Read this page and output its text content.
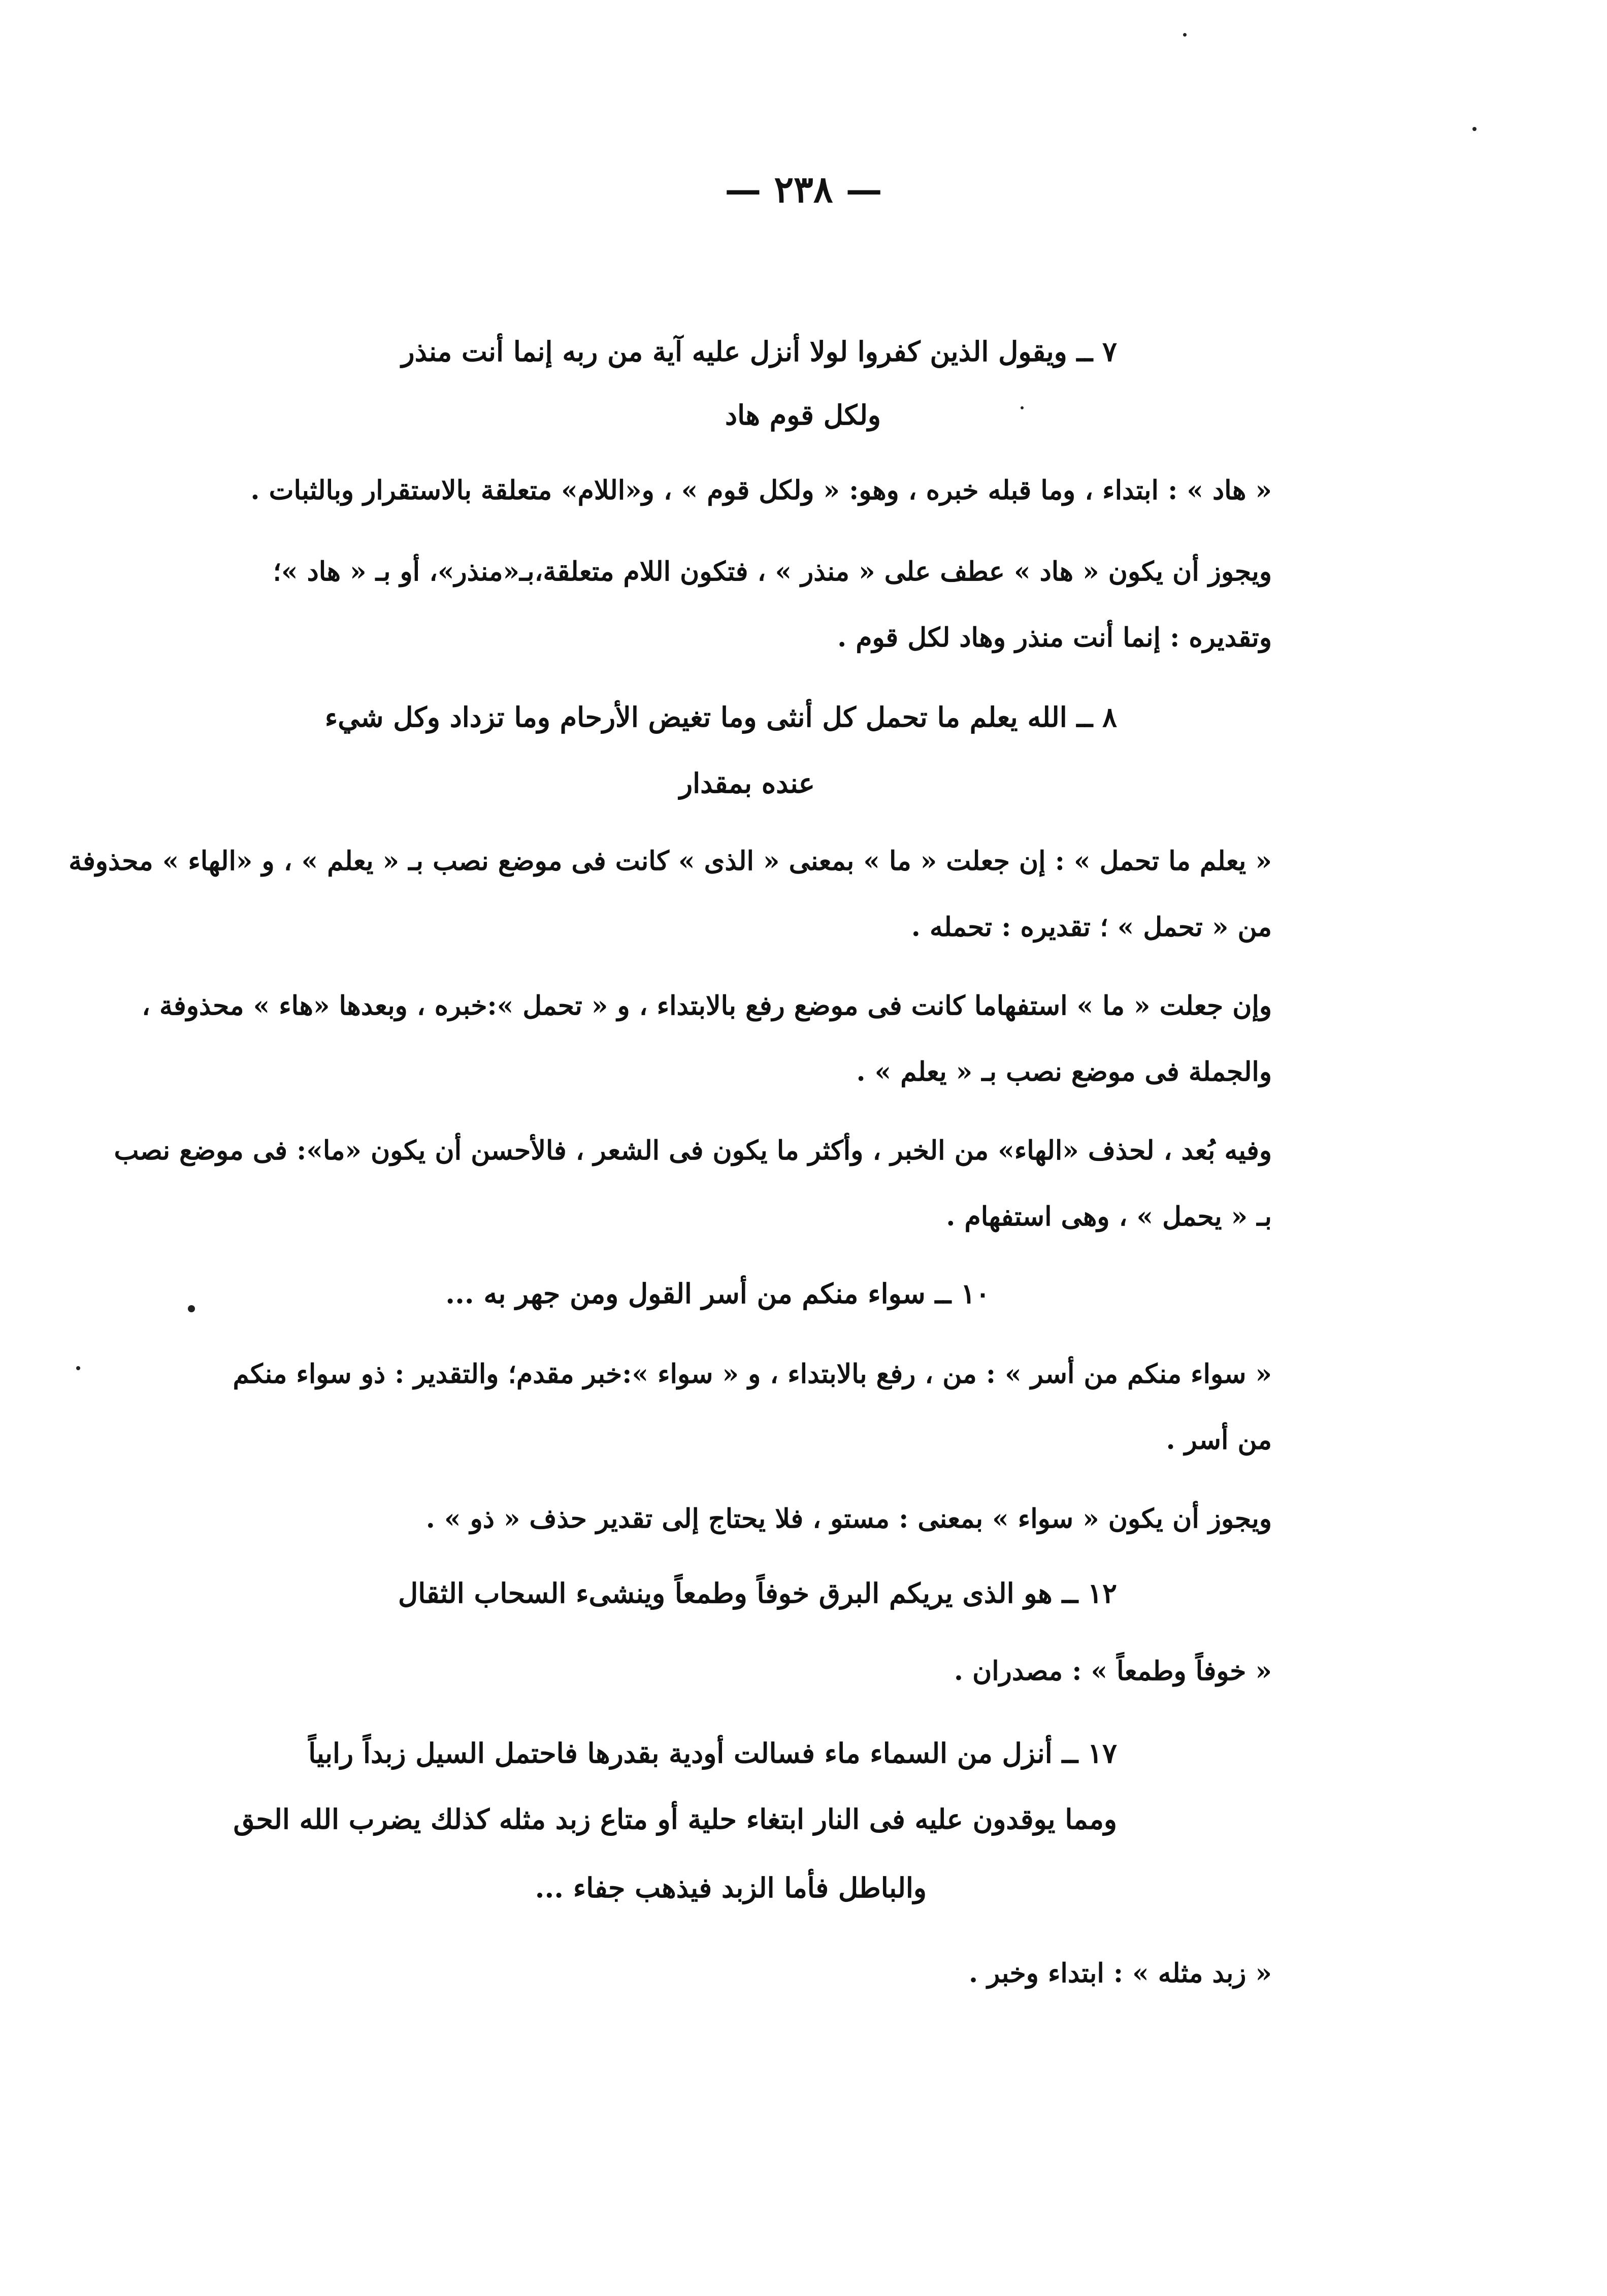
— ٢٣٨ —
٧ ــ ويقول الذين كفروا لولا أنزل عليه آية من ربه إنما أنت منذر
ولكل قوم هاد
« هاد » : ابتداء ، وما قبله خبره ، وهو: « ولكل قوم » ، و«اللام» متعلقة بالاستقرار وبالثبات .
ويجوز أن يكون « هاد » عطف على « منذر » ، فتكون اللام متعلقة،بـ«منذر»، أو بـ « هاد »؛
وتقديره : إنما أنت منذر وهاد لكل قوم .
٨ ــ الله يعلم ما تحمل كل أنثى وما تغيض الأرحام وما تزداد وكل شيء
عنده بمقدار
« يعلم ما تحمل » : إن جعلت « ما » بمعنى « الذى » كانت فى موضع نصب بـ « يعلم » ، و «الهاء » محذوفة
من « تحمل » ؛ تقديره : تحمله .
وإن جعلت « ما » استفهاما كانت فى موضع رفع بالابتداء ، و « تحمل »:خبره ، وبعدها «هاء » محذوفة ،
والجملة فى موضع نصب بـ « يعلم » .
وفيه بُعد ، لحذف «الهاء» من الخبر ، وأكثر ما يكون فى الشعر ، فالأحسن أن يكون «ما»: فى موضع نصب
بـ « يحمل » ، وهى استفهام .
١٠ ــ سواء منكم من أسر القول ومن جهر به ...
« سواء منكم من أسر » : من ، رفع بالابتداء ، و « سواء »:خبر مقدم؛ والتقدير : ذو سواء منكم
من أسر .
ويجوز أن يكون « سواء » بمعنى : مستو ، فلا يحتاج إلى تقدير حذف « ذو » .
١٢ ــ هو الذى يريكم البرق خوفاً وطمعاً وينشىء السحاب الثقال
« خوفاً وطمعاً » : مصدران .
١٧ ــ أنزل من السماء ماء فسالت أودية بقدرها فاحتمل السيل زبداً رابياً
ومما يوقدون عليه فى النار ابتغاء حلية أو متاع زبد مثله كذلك يضرب الله الحق
والباطل فأما الزبد فيذهب جفاء ...
« زبد مثله » : ابتداء وخبر .
